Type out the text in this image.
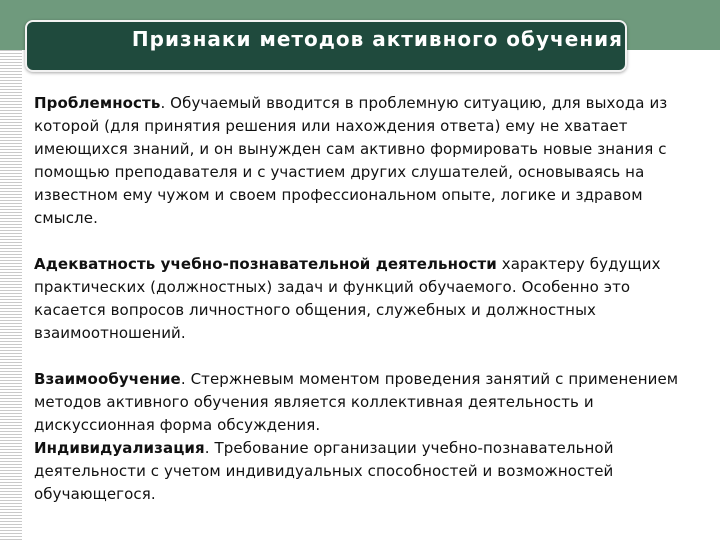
Признаки методов активного обучения

Проблемность. Обучаемый вводится в проблемную ситуацию, для выхода из которой (для принятия решения или нахождения ответа) ему не хватает имеющихся знаний, и он вынужден сам активно формировать новые знания с помощью преподавателя и с участием других слушателей, основываясь на известном ему чужом и своем профессиональном опыте, логике и здравом смысле.

Адекватность учебно-познавательной деятельности характеру будущих практических (должностных) задач и функций обучаемого. Особенно это касается вопросов личностного общения, служебных и должностных взаимоотношений.

Взаимообучение. Стержневым моментом проведения занятий с применением методов активного обучения является коллективная деятельность и дискуссионная форма обсуждения.

Индивидуализация. Требование организации учебно-познавательной деятельности с учетом индивидуальных способностей и возможностей обучающегося.
